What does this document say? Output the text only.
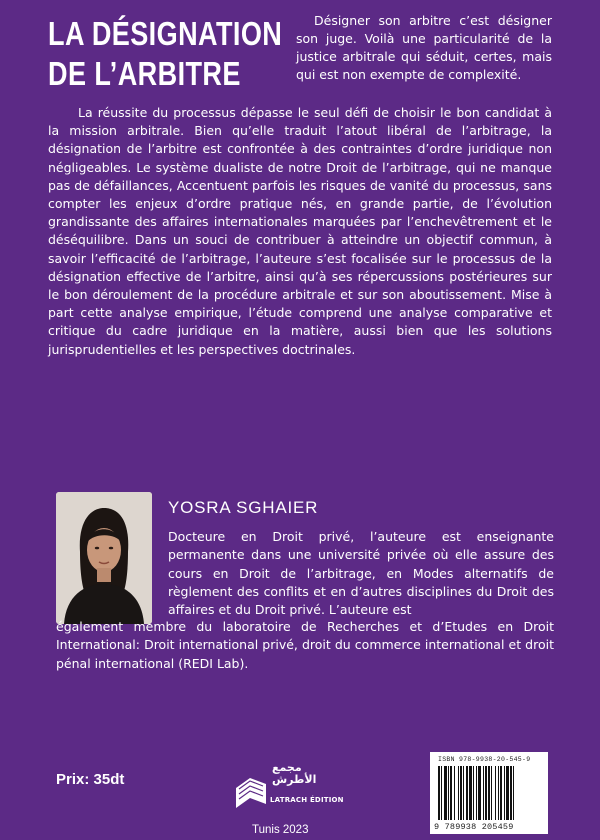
LA DÉSIGNATION
DE L’ARBITRE
Désigner son arbitre c’est désigner son juge. Voilà une particularité de la justice arbitrale qui séduit, certes, mais qui est non exempte de complexité.
La réussite du processus dépasse le seul défi de choisir le bon candidat à la mission arbitrale. Bien qu’elle traduit l’atout libéral de l’arbitrage, la désignation de l’arbitre est confrontée à des contraintes d’ordre juridique non négligeables. Le système dualiste de notre Droit de l’arbitrage, qui ne manque pas de défaillances, Accentuent parfois les risques de vanité du processus, sans compter les enjeux d’ordre pratique nés, en grande partie, de l’évolution grandissante des affaires internationales marquées par l’enchevêtrement et le déséquilibre. Dans un souci de contribuer à atteindre un objectif commun, à savoir l’efficacité de l’arbitrage, l’auteure s’est focalisée sur le processus de la désignation effective de l’arbitre, ainsi qu’à ses répercussions postérieures sur le bon déroulement de la procédure arbitrale et sur son aboutissement. Mise à part cette analyse empirique, l’étude comprend une analyse comparative et critique du cadre juridique en la matière, aussi bien que les solutions jurisprudentielles et les perspectives doctrinales.
YOSRA SGHAIER
Docteure en Droit privé, l’auteure est enseignante permanente dans une université privée où elle assure des cours en Droit de l’arbitrage, en Modes alternatifs de règlement des conflits et en d’autres disciplines du Droit des affaires et du Droit privé. L’auteure est
également membre du laboratoire de Recherches et d’Etudes en Droit International: Droit international privé, droit du commerce international et droit pénal international (REDI Lab).
Prix: 35dt
مجمع الأطرش
LATRACH ÉDITION
Tunis 2023
ISBN 978-9938-20-545-9
9 789938 205459
